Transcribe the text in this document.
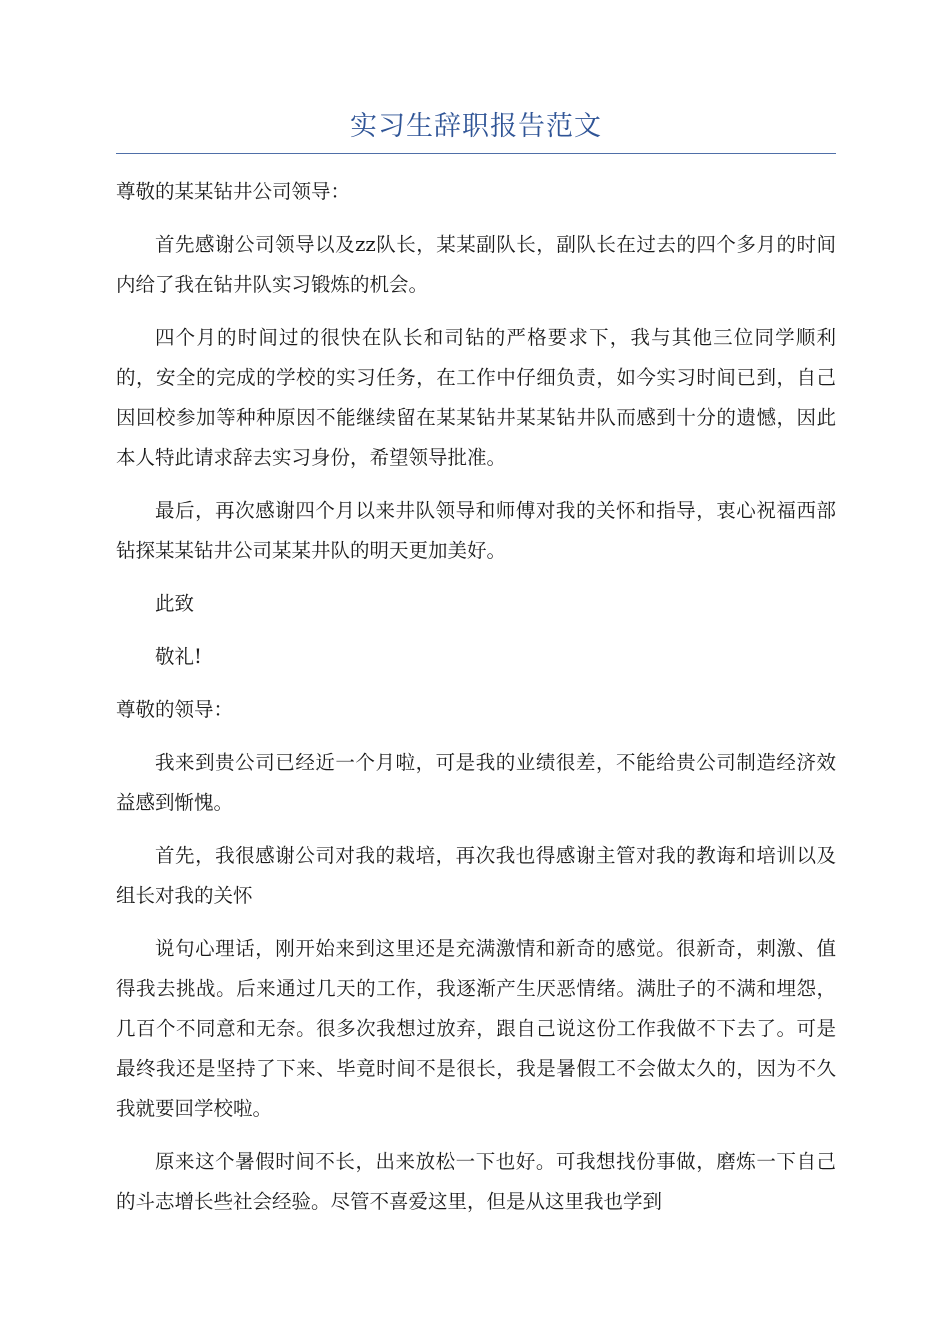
实习生辞职报告范文

尊敬的某某钻井公司领导：

首先感谢公司领导以及zz队长，某某副队长，副队长在过去的四个多月的时间内给了我在钻井队实习锻炼的机会。

四个月的时间过的很快在队长和司钻的严格要求下，我与其他三位同学顺利的，安全的完成的学校的实习任务，在工作中仔细负责，如今实习时间已到，自己因回校参加等种种原因不能继续留在某某钻井某某钻井队而感到十分的遗憾，因此本人特此请求辞去实习身份，希望领导批准。

最后，再次感谢四个月以来井队领导和师傅对我的关怀和指导，衷心祝福西部钻探某某钻井公司某某井队的明天更加美好。

此致

敬礼!

尊敬的领导：

我来到贵公司已经近一个月啦，可是我的业绩很差，不能给贵公司制造经济效益感到惭愧。

首先，我很感谢公司对我的栽培，再次我也得感谢主管对我的教诲和培训以及组长对我的关怀

说句心理话，刚开始来到这里还是充满激情和新奇的感觉。很新奇，刺激、值得我去挑战。后来通过几天的工作，我逐渐产生厌恶情绪。满肚子的不满和埋怨，几百个不同意和无奈。很多次我想过放弃，跟自己说这份工作我做不下去了。可是最终我还是坚持了下来、毕竟时间不是很长，我是暑假工不会做太久的，因为不久我就要回学校啦。

原来这个暑假时间不长，出来放松一下也好。可我想找份事做，磨炼一下自己的斗志增长些社会经验。尽管不喜爱这里，但是从这里我也学到
